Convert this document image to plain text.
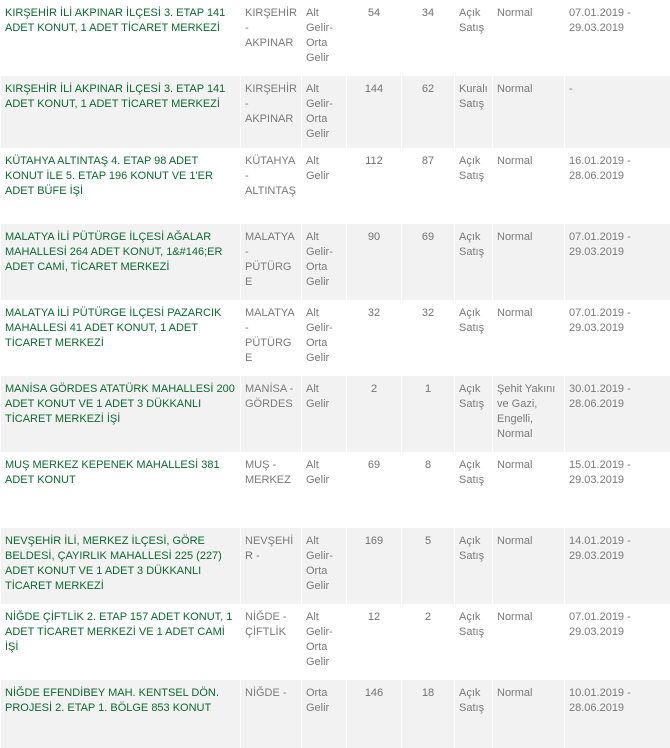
KIRŞEHİR İLİ AKPINAR İLÇESİ 3. ETAP 141 ADET KONUT, 1 ADET TİCARET MERKEZİ	KIRŞEHİR - AKPINAR	Alt Gelir-Orta Gelir	54	34	Açık Satış	Normal	07.01.2019 - 29.03.2019
KIRŞEHİR İLİ AKPINAR İLÇESİ 3. ETAP 141 ADET KONUT, 1 ADET TİCARET MERKEZİ	KIRŞEHİR - AKPINAR	Alt Gelir-Orta Gelir	144	62	Kuralı Satış	Normal	-
KÜTAHYA ALTINTAŞ 4. ETAP 98 ADET KONUT İLE 5. ETAP 196 KONUT VE 1'ER ADET BÜFE İŞİ	KÜTAHYA - ALTINTAŞ	Alt Gelir	112	87	Açık Satış	Normal	16.01.2019 - 28.06.2019
MALATYA İLİ PÜTÜRGE İLÇESİ AĞALAR MAHALLESİ 264 ADET KONUT, 1&#146;ER ADET CAMİ, TİCARET MERKEZİ	MALATYA - PÜTÜRGE	Alt Gelir-Orta Gelir	90	69	Açık Satış	Normal	07.01.2019 - 29.03.2019
MALATYA İLİ PÜTÜRGE İLÇESİ PAZARCIK MAHALLESİ 41 ADET KONUT, 1 ADET TİCARET MERKEZİ	MALATYA - PÜTÜRGE	Alt Gelir-Orta Gelir	32	32	Açık Satış	Normal	07.01.2019 - 29.03.2019
MANİSA GÖRDES ATATÜRK MAHALLESİ 200 ADET KONUT VE 1 ADET 3 DÜKKANLI TİCARET MERKEZİ İŞİ	MANİSA - GÖRDES	Alt Gelir	2	1	Açık Satış	Şehit Yakını ve Gazi, Engelli, Normal	30.01.2019 - 28.06.2019
MUŞ MERKEZ KEPENEK MAHALLESİ 381 ADET KONUT	MUŞ - MERKEZ	Alt Gelir	69	8	Açık Satış	Normal	15.01.2019 - 29.03.2019
NEVŞEHİR İLİ, MERKEZ İLÇESİ, GÖRE BELDESİ, ÇAYIRLIK MAHALLESİ 225 (227) ADET KONUT VE 1 ADET 3 DÜKKANLI TİCARET MERKEZİ	NEVŞEHİR -	Alt Gelir-Orta Gelir	169	5	Açık Satış	Normal	14.01.2019 - 29.03.2019
NİĞDE ÇİFTLİK 2. ETAP 157 ADET KONUT, 1 ADET TİCARET MERKEZİ VE 1 ADET CAMİ İŞİ	NİĞDE - ÇİFTLİK	Alt Gelir-Orta Gelir	12	2	Açık Satış	Normal	07.01.2019 - 29.03.2019
NİĞDE EFENDİBEY MAH. KENTSEL DÖN. PROJESİ 2. ETAP 1. BÖLGE 853 KONUT	NİĞDE -	Orta Gelir	146	18	Açık Satış	Normal	10.01.2019 - 28.06.2019
